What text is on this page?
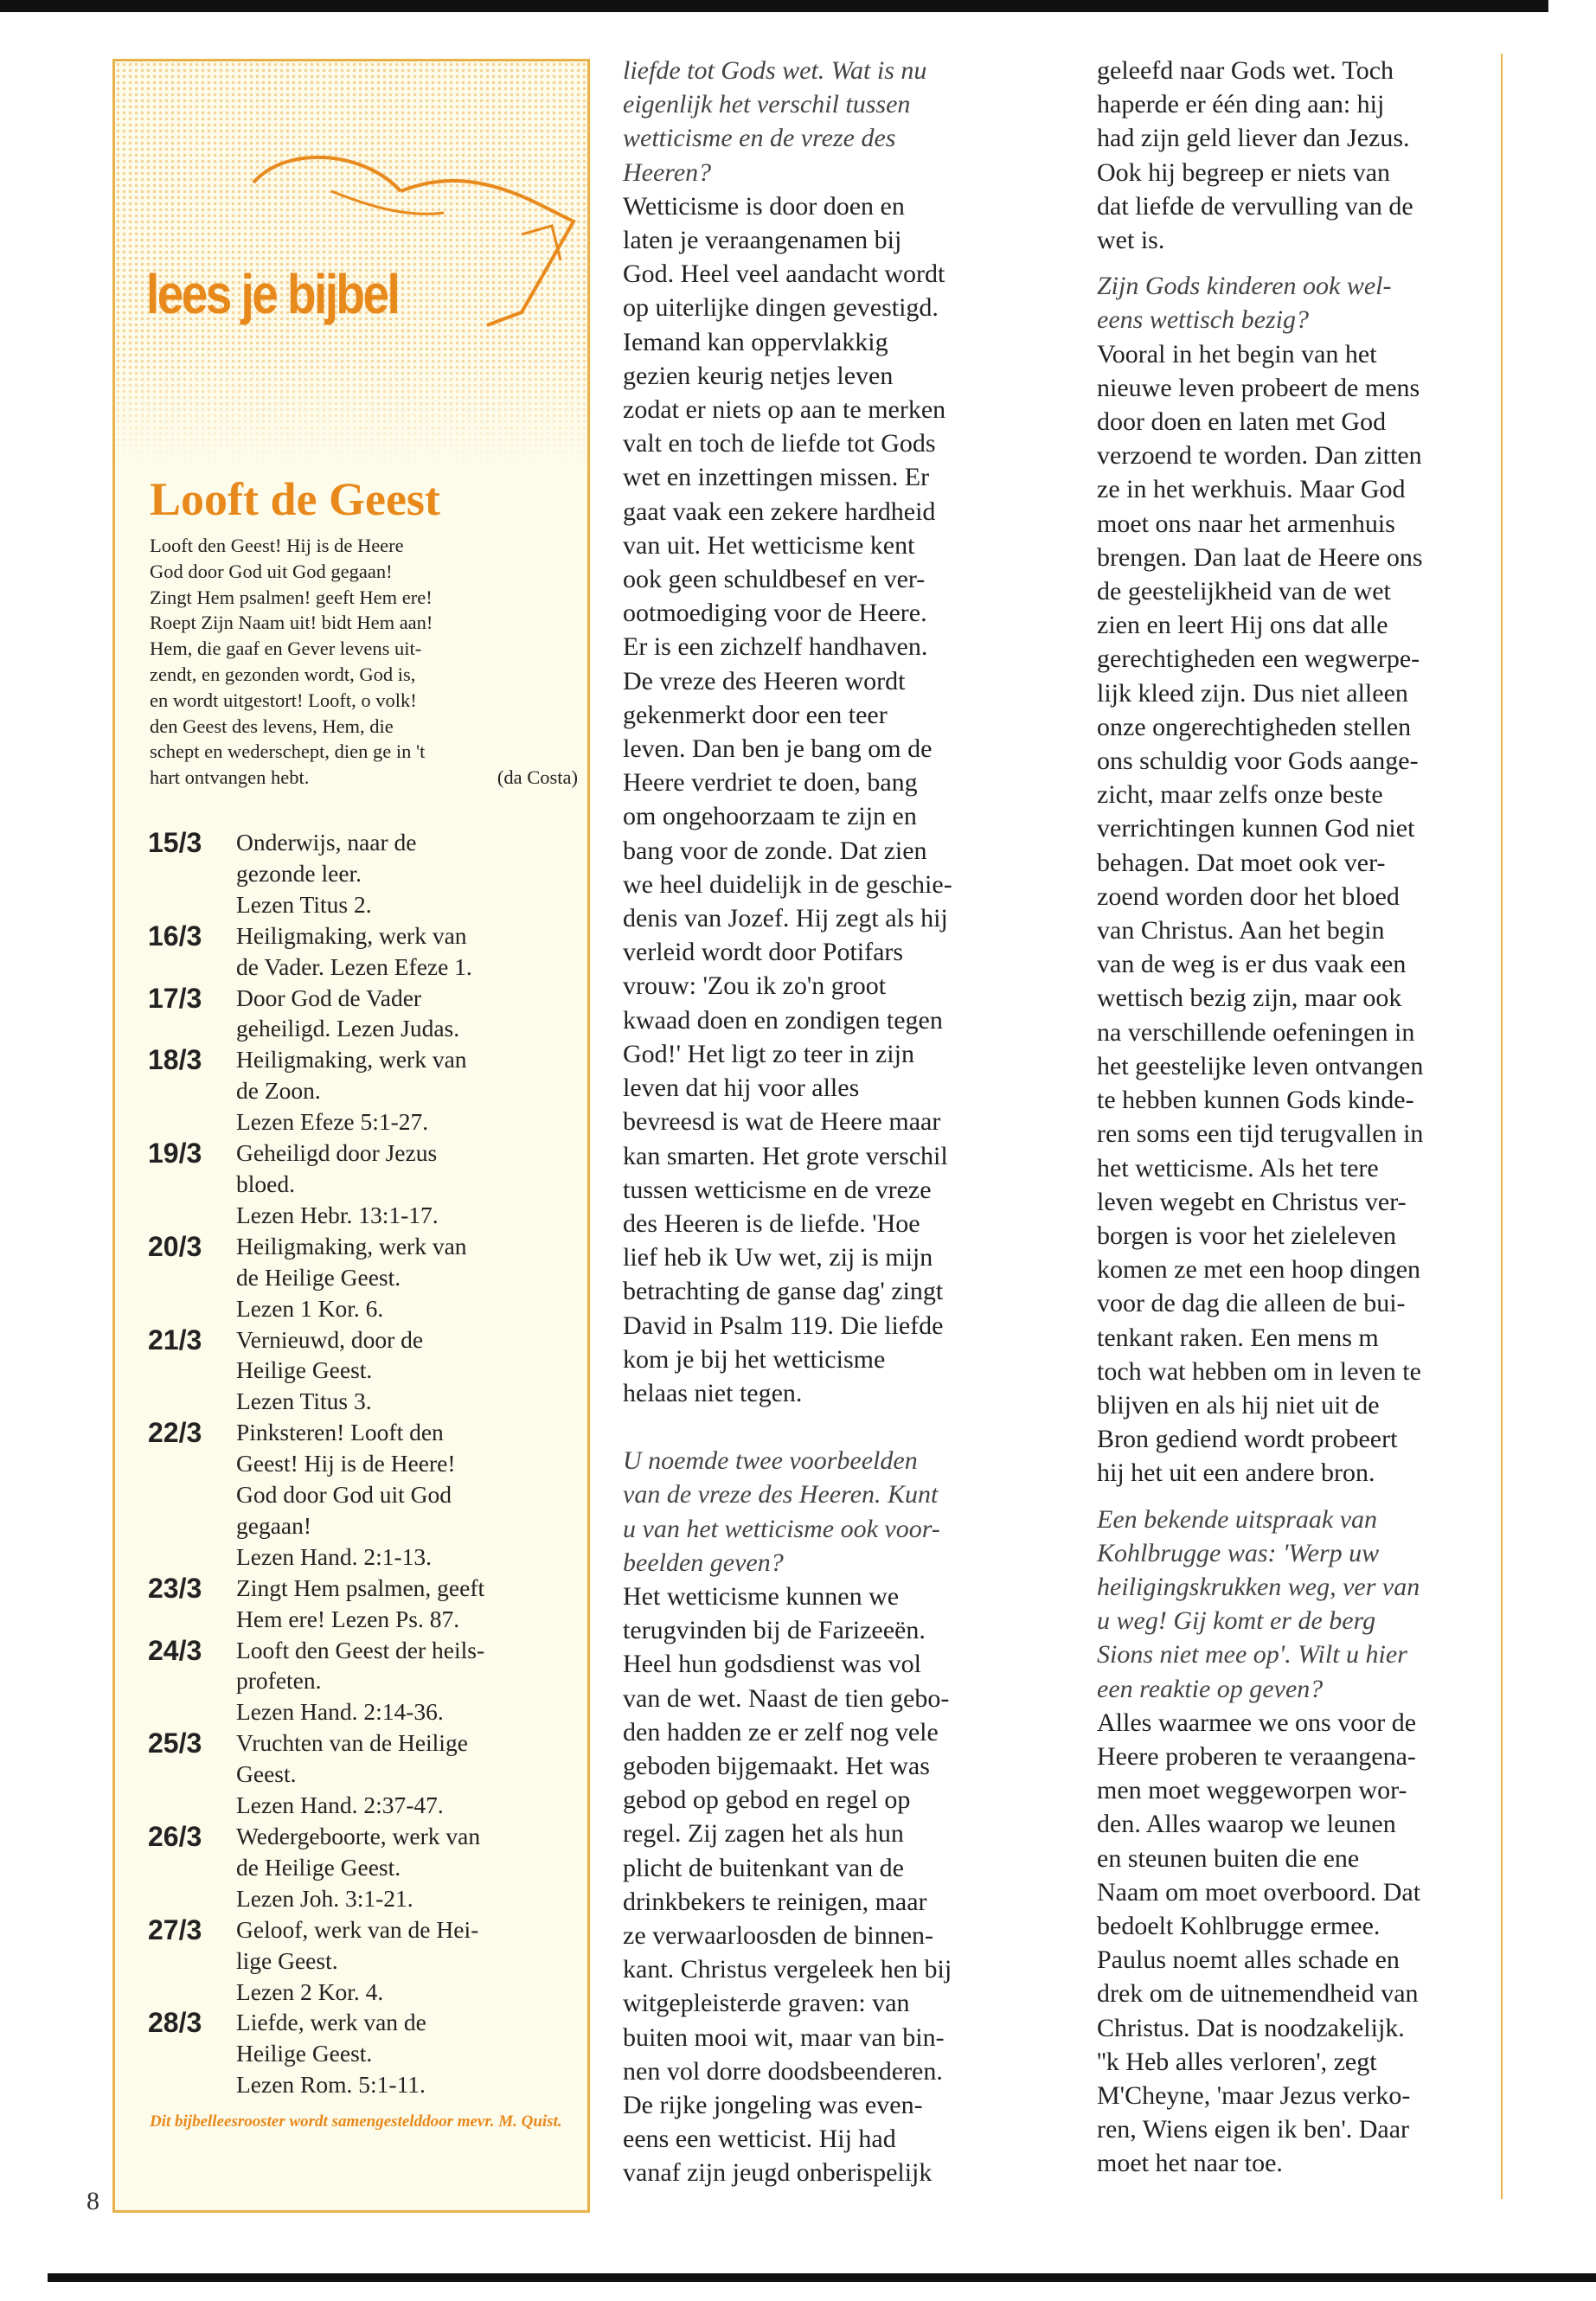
lees je bijbel
Looft de Geest
Looft den Geest! Hij is de Heere
God door God uit God gegaan!
Zingt Hem psalmen! geeft Hem ere!
Roept Zijn Naam uit! bidt Hem aan!
Hem, die gaaf en Gever levens uit-
zendt, en gezonden wordt, God is,
en wordt uitgestort! Looft, o volk!
den Geest des levens, Hem, die
schept en wederschept, dien ge in 't
hart ontvangen hebt.	(da Costa)
15/3	Onderwijs, naar de
gezonde leer.
Lezen Titus 2.
16/3	Heiligmaking, werk van
de Vader. Lezen Efeze 1.
17/3	Door God de Vader
geheiligd. Lezen Judas.
18/3	Heiligmaking, werk van
de Zoon.
Lezen Efeze 5:1-27.
19/3	Geheiligd door Jezus
bloed.
Lezen Hebr. 13:1-17.
20/3	Heiligmaking, werk van
de Heilige Geest.
Lezen 1 Kor. 6.
21/3	Vernieuwd, door de
Heilige Geest.
Lezen Titus 3.
22/3	Pinksteren! Looft den
Geest! Hij is de Heere!
God door God uit God
gegaan!
Lezen Hand. 2:1-13.
23/3	Zingt Hem psalmen, geeft
Hem ere! Lezen Ps. 87.
24/3	Looft den Geest der heils-
profeten.
Lezen Hand. 2:14-36.
25/3	Vruchten van de Heilige
Geest.
Lezen Hand. 2:37-47.
26/3	Wedergeboorte, werk van
de Heilige Geest.
Lezen Joh. 3:1-21.
27/3	Geloof, werk van de Hei-
lige Geest.
Lezen 2 Kor. 4.
28/3	Liefde, werk van de
Heilige Geest.
Lezen Rom. 5:1-11.
Dit bijbelleesrooster wordt samengestelddoor mevr. M. Quist.
8
liefde tot Gods wet. Wat is nu
eigenlijk het verschil tussen
wetticisme en de vreze des
Heeren?
Wetticisme is door doen en
laten je veraangenamen bij
God. Heel veel aandacht wordt
op uiterlijke dingen gevestigd.
Iemand kan oppervlakkig
gezien keurig netjes leven
zodat er niets op aan te merken
valt en toch de liefde tot Gods
wet en inzettingen missen. Er
gaat vaak een zekere hardheid
van uit. Het wetticisme kent
ook geen schuldbesef en ver-
ootmoediging voor de Heere.
Er is een zichzelf handhaven.
De vreze des Heeren wordt
gekenmerkt door een teer
leven. Dan ben je bang om de
Heere verdriet te doen, bang
om ongehoorzaam te zijn en
bang voor de zonde. Dat zien
we heel duidelijk in de geschie-
denis van Jozef. Hij zegt als hij
verleid wordt door Potifars
vrouw: 'Zou ik zo'n groot
kwaad doen en zondigen tegen
God!' Het ligt zo teer in zijn
leven dat hij voor alles
bevreesd is wat de Heere maar
kan smarten. Het grote verschil
tussen wetticisme en de vreze
des Heeren is de liefde. 'Hoe
lief heb ik Uw wet, zij is mijn
betrachting de ganse dag' zingt
David in Psalm 119. Die liefde
kom je bij het wetticisme
helaas niet tegen.
U noemde twee voorbeelden
van de vreze des Heeren. Kunt
u van het wetticisme ook voor-
beelden geven?
Het wetticisme kunnen we
terugvinden bij de Farizeeën.
Heel hun godsdienst was vol
van de wet. Naast de tien gebo-
den hadden ze er zelf nog vele
geboden bijgemaakt. Het was
gebod op gebod en regel op
regel. Zij zagen het als hun
plicht de buitenkant van de
drinkbekers te reinigen, maar
ze verwaarloosden de binnen-
kant. Christus vergeleek hen bij
witgepleisterde graven: van
buiten mooi wit, maar van bin-
nen vol dorre doodsbeenderen.
De rijke jongeling was even-
eens een wetticist. Hij had
vanaf zijn jeugd onberispelijk
geleefd naar Gods wet. Toch
haperde er één ding aan: hij
had zijn geld liever dan Jezus.
Ook hij begreep er niets van
dat liefde de vervulling van de
wet is.
Zijn Gods kinderen ook wel-
eens wettisch bezig?
Vooral in het begin van het
nieuwe leven probeert de mens
door doen en laten met God
verzoend te worden. Dan zitten
ze in het werkhuis. Maar God
moet ons naar het armenhuis
brengen. Dan laat de Heere ons
de geestelijkheid van de wet
zien en leert Hij ons dat alle
gerechtigheden een wegwerpe-
lijk kleed zijn. Dus niet alleen
onze ongerechtigheden stellen
ons schuldig voor Gods aange-
zicht, maar zelfs onze beste
verrichtingen kunnen God niet
behagen. Dat moet ook ver-
zoend worden door het bloed
van Christus. Aan het begin
van de weg is er dus vaak een
wettisch bezig zijn, maar ook
na verschillende oefeningen in
het geestelijke leven ontvangen
te hebben kunnen Gods kinde-
ren soms een tijd terugvallen in
het wetticisme. Als het tere
leven wegebt en Christus ver-
borgen is voor het zieleleven
komen ze met een hoop dingen
voor de dag die alleen de bui-
tenkant raken. Een mens m
toch wat hebben om in leven te
blijven en als hij niet uit de
Bron gediend wordt probeert
hij het uit een andere bron.
Een bekende uitspraak van
Kohlbrugge was: 'Werp uw
heiligingskrukken weg, ver van
u weg! Gij komt er de berg
Sions niet mee op'. Wilt u hier
een reaktie op geven?
Alles waarmee we ons voor de
Heere proberen te veraangena-
men moet weggeworpen wor-
den. Alles waarop we leunen
en steunen buiten die ene
Naam om moet overboord. Dat
bedoelt Kohlbrugge ermee.
Paulus noemt alles schade en
drek om de uitnemendheid van
Christus. Dat is noodzakelijk.
''k Heb alles verloren', zegt
M'Cheyne, 'maar Jezus verko-
ren, Wiens eigen ik ben'. Daar
moet het naar toe.
